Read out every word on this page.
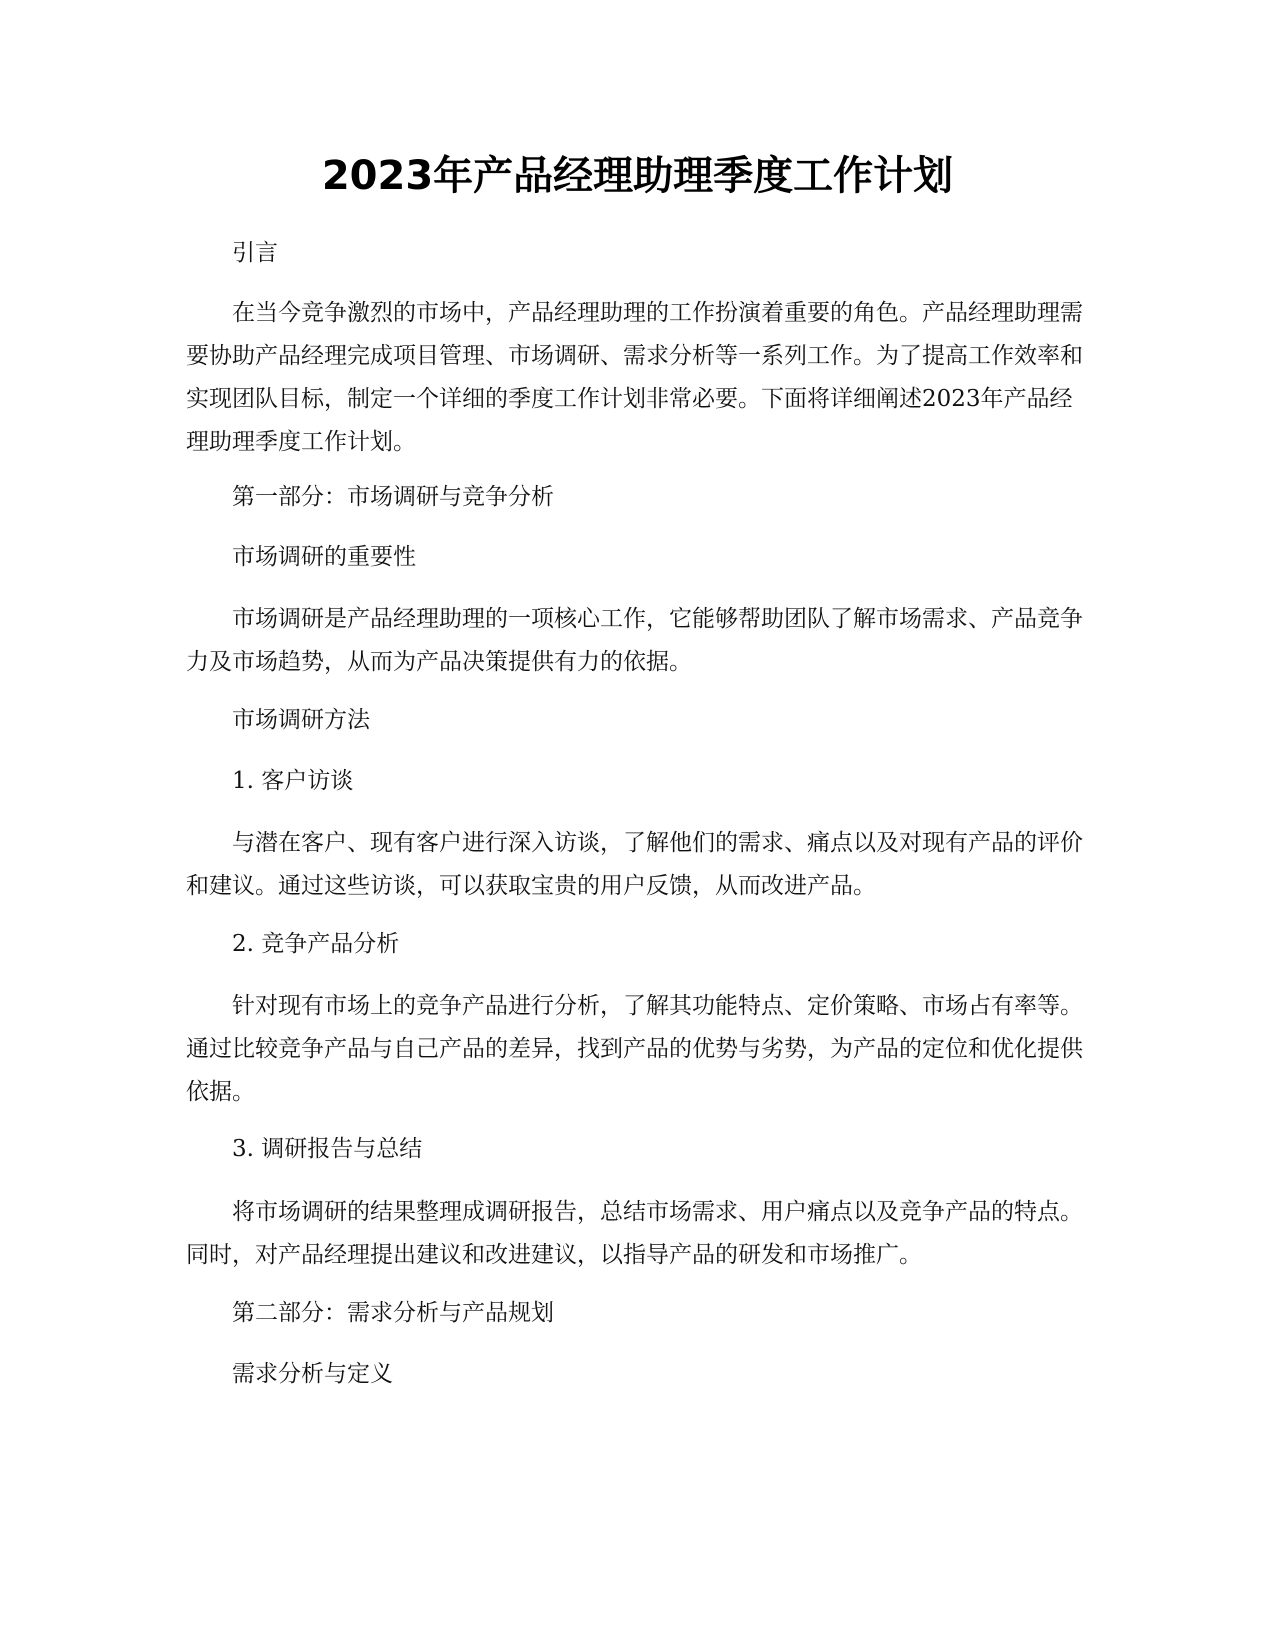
2023年产品经理助理季度工作计划
引言

在当今竞争激烈的市场中，产品经理助理的工作扮演着重要的角色。产品经理助理需要协助产品经理完成项目管理、市场调研、需求分析等一系列工作。为了提高工作效率和实现团队目标，制定一个详细的季度工作计划非常必要。下面将详细阐述2023年产品经理助理季度工作计划。

第一部分：市场调研与竞争分析
市场调研的重要性

市场调研是产品经理助理的一项核心工作，它能够帮助团队了解市场需求、产品竞争力及市场趋势，从而为产品决策提供有力的依据。

市场调研方法
1. 客户访谈

与潜在客户、现有客户进行深入访谈，了解他们的需求、痛点以及对现有产品的评价和建议。通过这些访谈，可以获取宝贵的用户反馈，从而改进产品。

2. 竞争产品分析

针对现有市场上的竞争产品进行分析，了解其功能特点、定价策略、市场占有率等。通过比较竞争产品与自己产品的差异，找到产品的优势与劣势，为产品的定位和优化提供依据。

3. 调研报告与总结

将市场调研的结果整理成调研报告，总结市场需求、用户痛点以及竞争产品的特点。同时，对产品经理提出建议和改进建议，以指导产品的研发和市场推广。

第二部分：需求分析与产品规划
需求分析与定义
